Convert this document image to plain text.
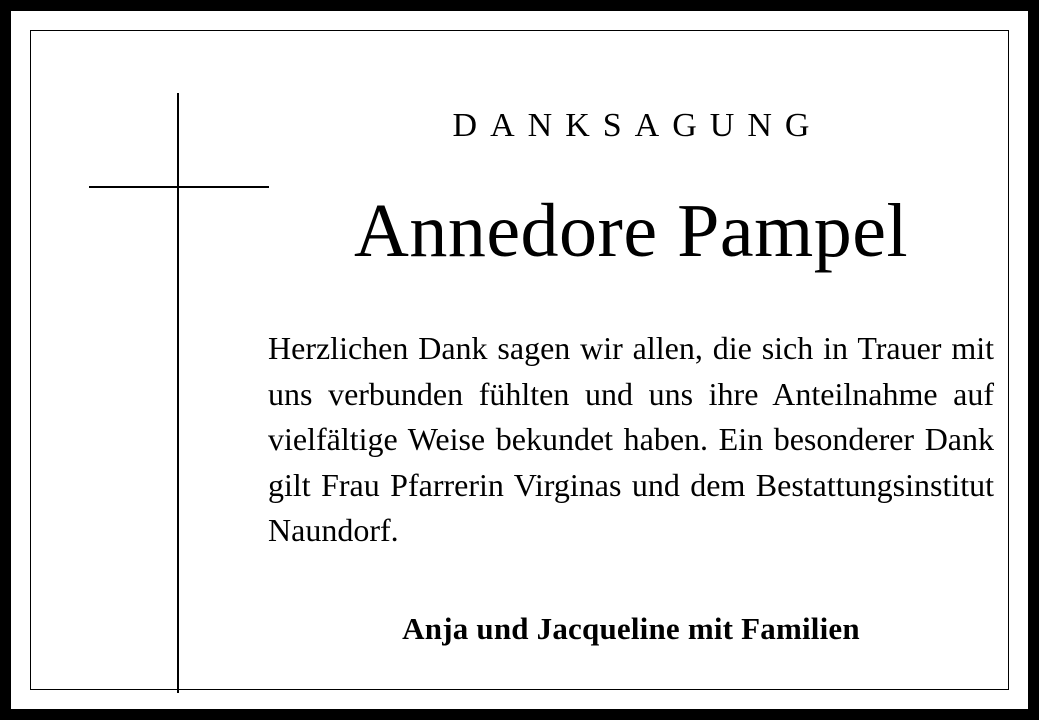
DANKSAGUNG
Annedore Pampel
Herzlichen Dank sagen wir allen, die sich in Trauer mit uns verbunden fühlten und uns ihre Anteilnahme auf vielfältige Weise bekundet haben. Ein besonderer Dank gilt Frau Pfarrerin Virginas und dem Bestattungsinstitut Naundorf.
Anja und Jacqueline mit Familien
